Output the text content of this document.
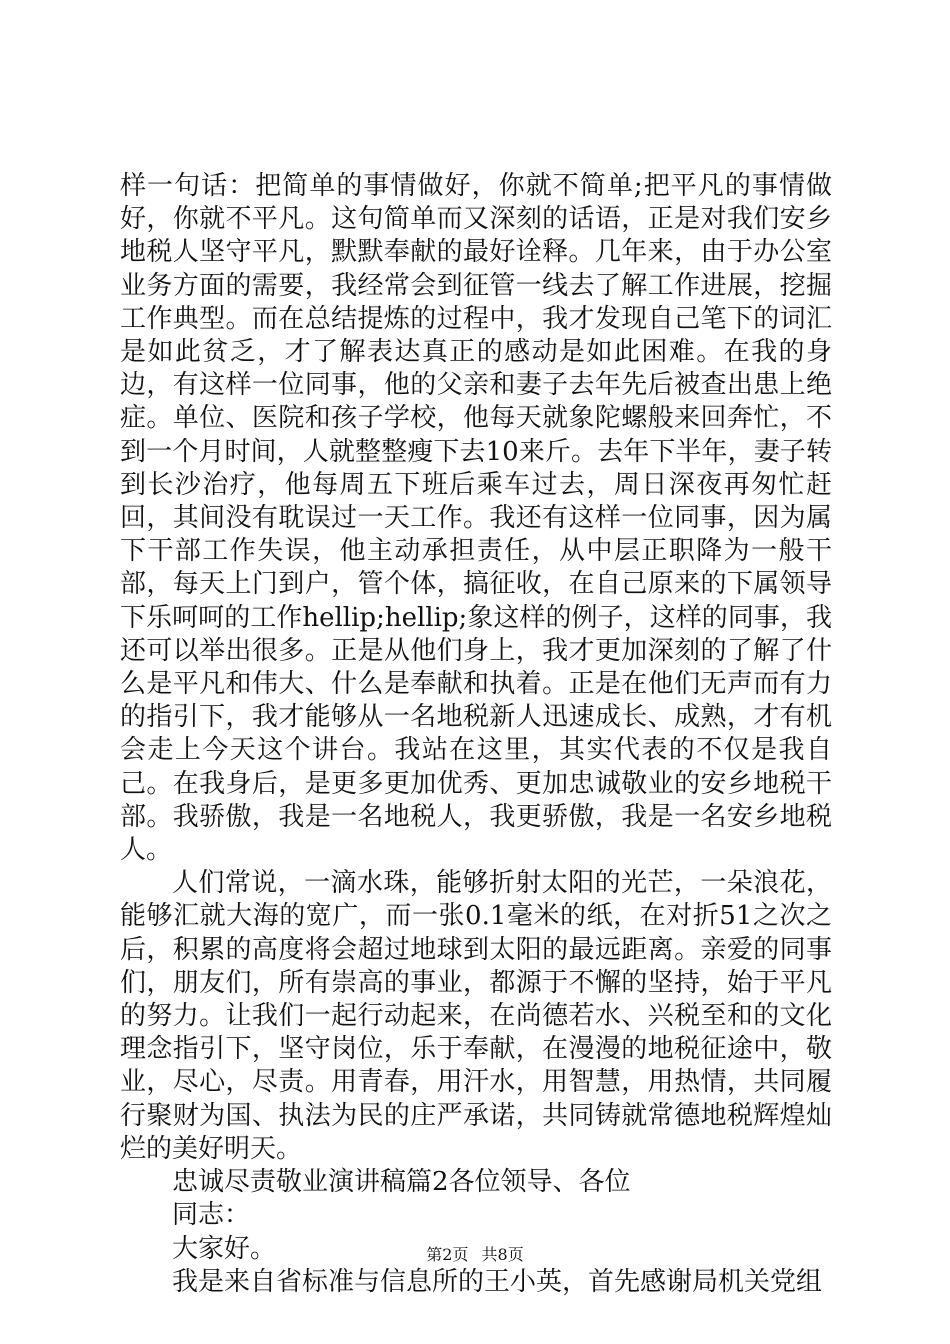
样一句话：把简单的事情做好，你就不简单;把平凡的事情做好，你就不平凡。这句简单而又深刻的话语，正是对我们安乡地税人坚守平凡，默默奉献的最好诠释。几年来，由于办公室业务方面的需要，我经常会到征管一线去了解工作进展，挖掘工作典型。而在总结提炼的过程中，我才发现自己笔下的词汇是如此贫乏，才了解表达真正的感动是如此困难。在我的身边，有这样一位同事，他的父亲和妻子去年先后被查出患上绝症。单位、医院和孩子学校，他每天就象陀螺般来回奔忙，不到一个月时间，人就整整瘦下去10来斤。去年下半年，妻子转到长沙治疗，他每周五下班后乘车过去，周日深夜再匆忙赶回，其间没有耽误过一天工作。我还有这样一位同事，因为属下干部工作失误，他主动承担责任，从中层正职降为一般干部，每天上门到户，管个体，搞征收，在自己原来的下属领导下乐呵呵的工作hellip;hellip;象这样的例子，这样的同事，我还可以举出很多。正是从他们身上，我才更加深刻的了解了什么是平凡和伟大、什么是奉献和执着。正是在他们无声而有力的指引下，我才能够从一名地税新人迅速成长、成熟，才有机会走上今天这个讲台。我站在这里，其实代表的不仅是我自己。在我身后，是更多更加优秀、更加忠诚敬业的安乡地税干部。我骄傲，我是一名地税人，我更骄傲，我是一名安乡地税人。

人们常说，一滴水珠，能够折射太阳的光芒，一朵浪花，能够汇就大海的宽广，而一张0.1毫米的纸，在对折51之次之后，积累的高度将会超过地球到太阳的最远距离。亲爱的同事们，朋友们，所有崇高的事业，都源于不懈的坚持，始于平凡的努力。让我们一起行动起来，在尚德若水、兴税至和的文化理念指引下，坚守岗位，乐于奉献，在漫漫的地税征途中，敬业，尽心，尽责。用青春，用汗水，用智慧，用热情，共同履行聚财为国、执法为民的庄严承诺，共同铸就常德地税辉煌灿烂的美好明天。

忠诚尽责敬业演讲稿篇2各位领导、各位

同志：

大家好。

我是来自省标准与信息所的王小英，首先感谢局机关党组

第2页 共8页
